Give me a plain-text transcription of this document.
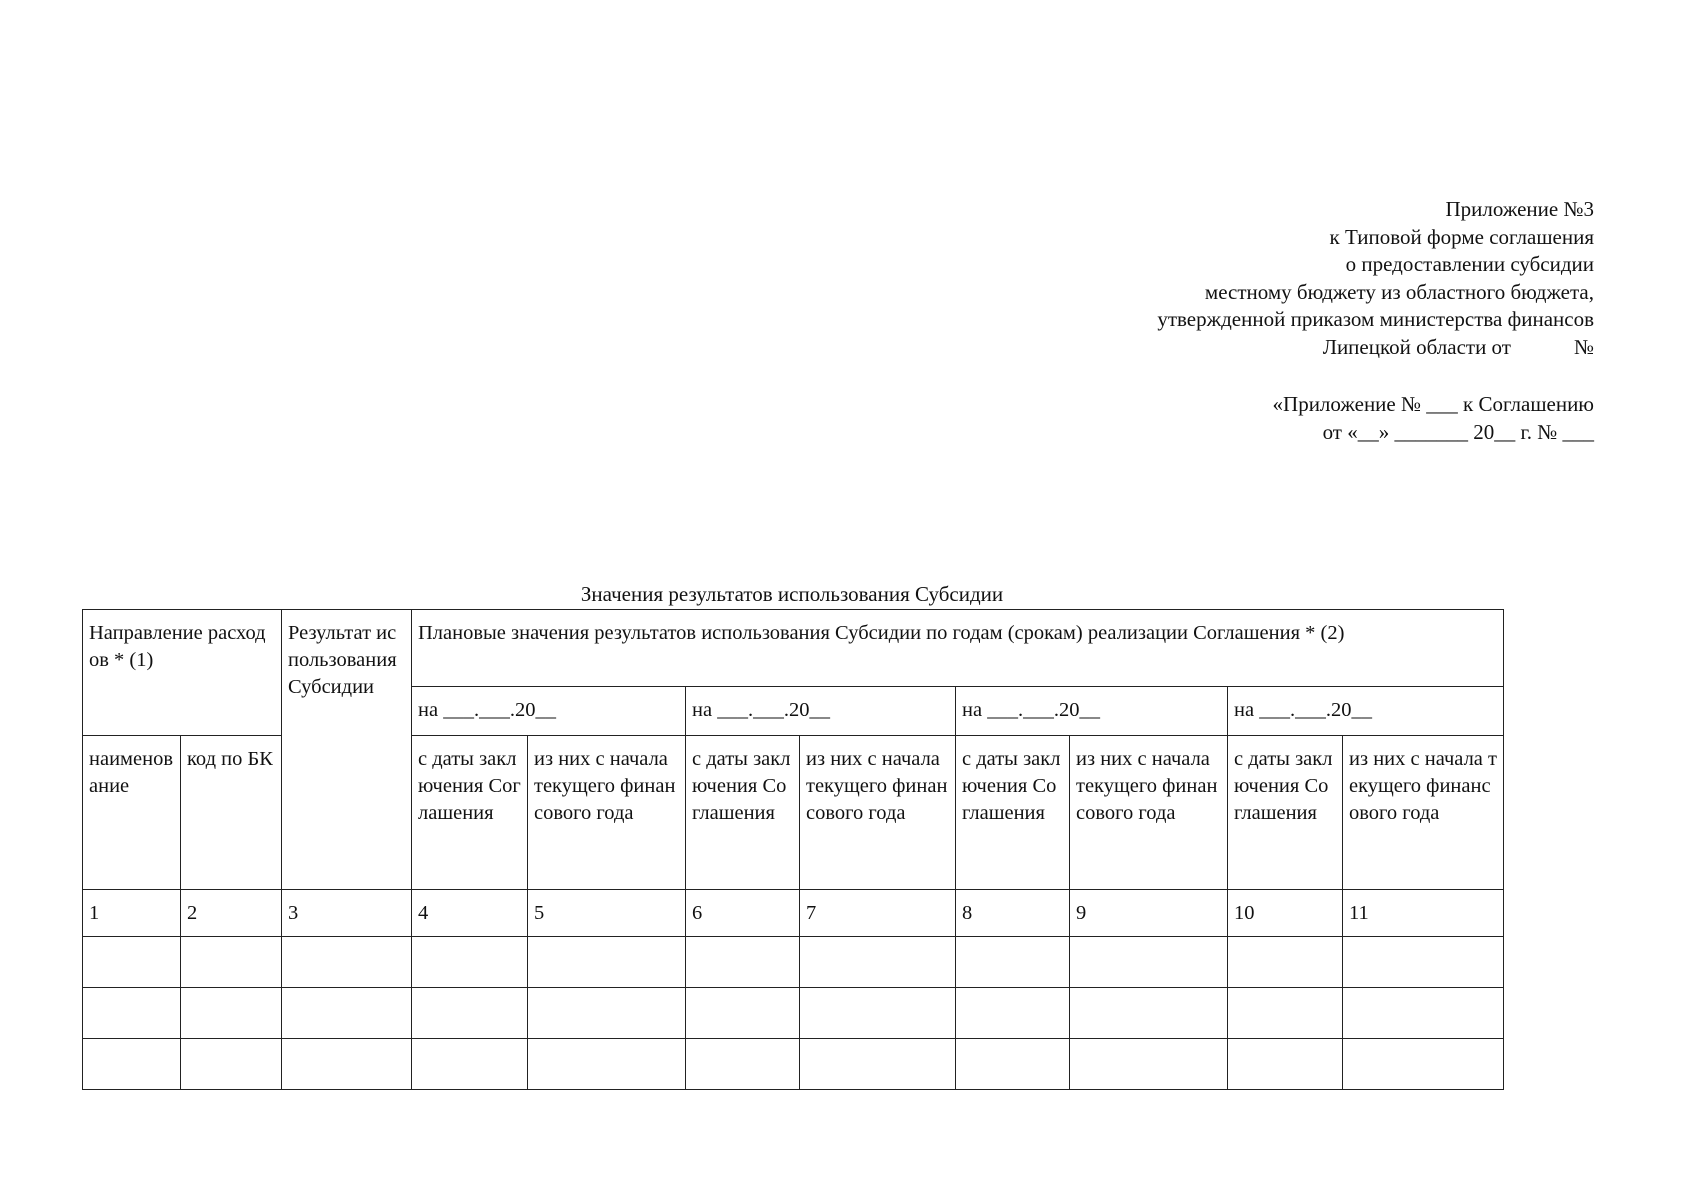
Приложение №3
к Типовой форме соглашения
о предоставлении субсидии
местному бюджету из областного бюджета,
утвержденной приказом министерства финансов
Липецкой области от            №
«Приложение № ___ к Соглашению
от «__» _______ 20__ г. № ___
Значения результатов использования Субсидии
Направление расходов * (1)		Результат использования Субсидии	Плановые значения результатов использования Субсидии по годам (срокам) реализации Соглашения * (2)							
			на ___.___.20__		на ___.___.20__		на ___.___.20__		на ___.___.20__	
наименование	код по БК		с даты заключения Соглашения	из них с начала текущего финансового года	с даты заключения Соглашения	из них с начала текущего финансового года	с даты заключения Соглашения	из них с начала текущего финансового года	с даты заключения Соглашения	из них с начала текущего финансового года
1	2	3	4	5	6	7	8	9	10	11
